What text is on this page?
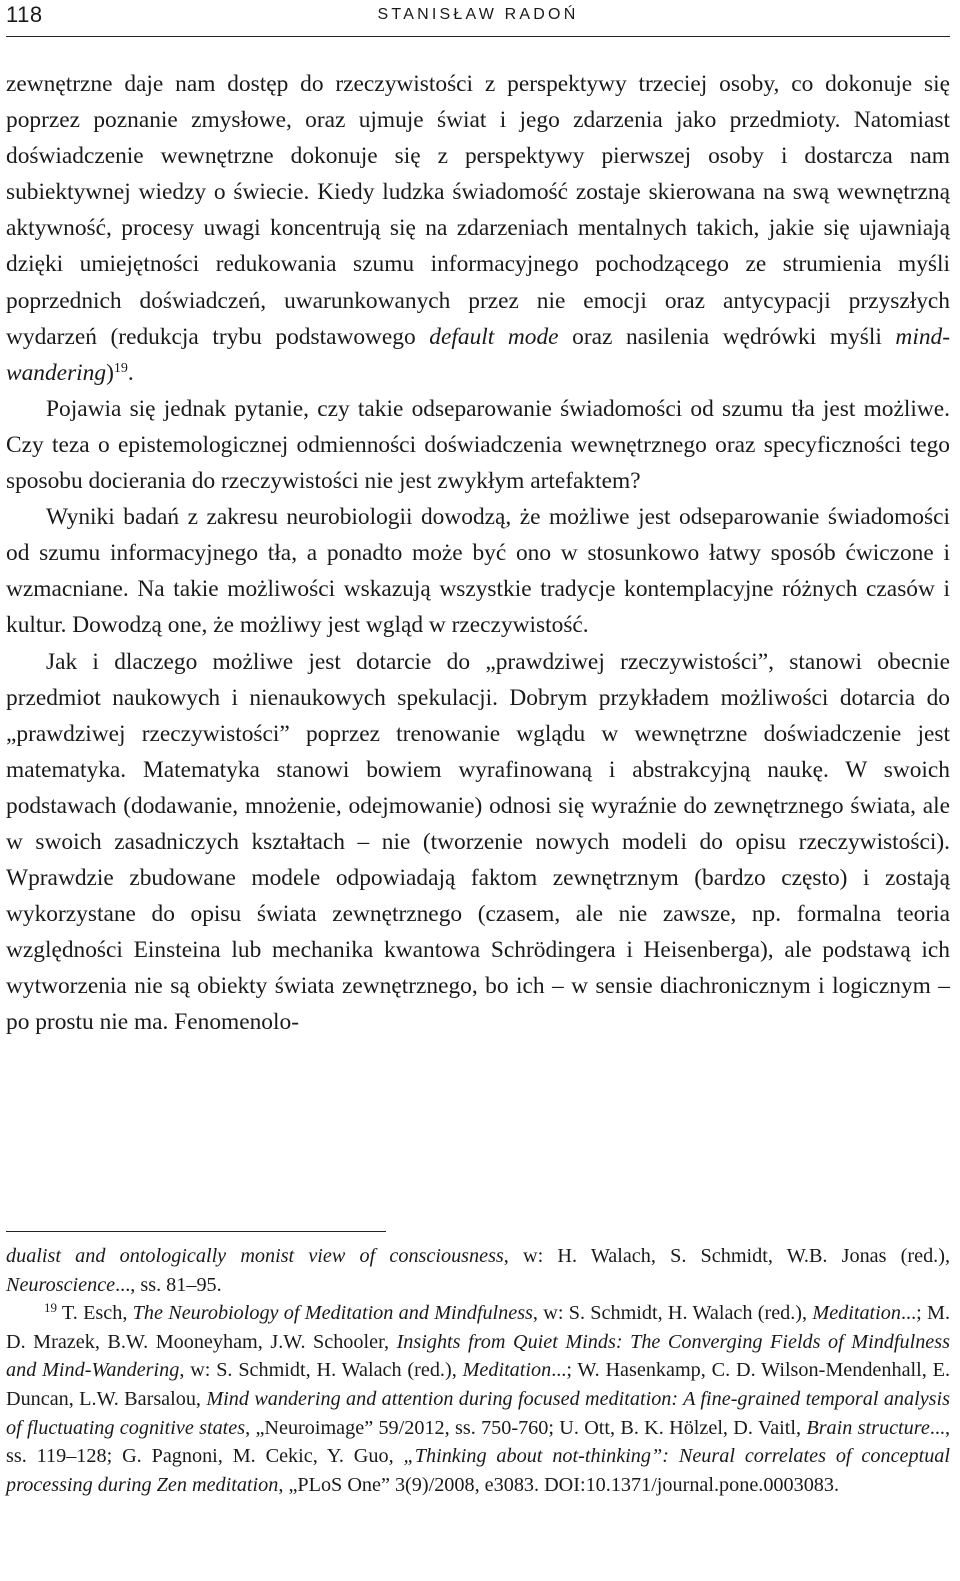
118	STANISŁAW RADOŃ

zewnętrzne daje nam dostęp do rzeczywistości z perspektywy trzeciej osoby, co dokonuje się poprzez poznanie zmysłowe, oraz ujmuje świat i jego zdarzenia jako przedmioty. Natomiast doświadczenie wewnętrzne dokonuje się z perspektywy pierwszej osoby i dostarcza nam subiektywnej wiedzy o świecie. Kiedy ludzka świadomość zostaje skierowana na swą wewnętrzną aktywność, procesy uwagi koncentrują się na zdarzeniach mentalnych takich, jakie się ujawniają dzięki umiejętności redukowania szumu informacyjnego pochodzącego ze strumienia myśli poprzednich doświadczeń, uwarunkowanych przez nie emocji oraz antycypacji przyszłych wydarzeń (redukcja trybu podstawowego default mode oraz nasilenia wędrówki myśli mind-wandering)$^{19}$.

Pojawia się jednak pytanie, czy takie odseparowanie świadomości od szumu tła jest możliwe. Czy teza o epistemologicznej odmienności doświadczenia wewnętrznego oraz specyficzności tego sposobu docierania do rzeczywistości nie jest zwykłym artefaktem?

Wyniki badań z zakresu neurobiologii dowodzą, że możliwe jest odseparowanie świadomości od szumu informacyjnego tła, a ponadto może być ono w stosunkowo łatwy sposób ćwiczone i wzmacniane. Na takie możliwości wskazują wszystkie tradycje kontemplacyjne różnych czasów i kultur. Dowodzą one, że możliwy jest wgląd w rzeczywistość.

Jak i dlaczego możliwe jest dotarcie do „prawdziwej rzeczywistości”, stanowi obecnie przedmiot naukowych i nienaukowych spekulacji. Dobrym przykładem możliwości dotarcia do „prawdziwej rzeczywistości” poprzez trenowanie wglądu w wewnętrzne doświadczenie jest matematyka. Matematyka stanowi bowiem wyrafinowaną i abstrakcyjną naukę. W swoich podstawach (dodawanie, mnożenie, odejmowanie) odnosi się wyraźnie do zewnętrznego świata, ale w swoich zasadniczych kształtach – nie (tworzenie nowych modeli do opisu rzeczywistości). Wprawdzie zbudowane modele odpowiadają faktom zewnętrznym (bardzo często) i zostają wykorzystane do opisu świata zewnętrznego (czasem, ale nie zawsze, np. formalna teoria względności Einsteina lub mechanika kwantowa Schrödingera i Heisenberga), ale podstawą ich wytworzenia nie są obiekty świata zewnętrznego, bo ich – w sensie diachronicznym i logicznym – po prostu nie ma. Fenomenolo-

dualist and ontologically monist view of consciousness, w: H. Walach, S. Schmidt, W.B. Jonas (red.), Neuroscience..., ss. 81–95.

$^{19}$ T. Esch, The Neurobiology of Meditation and Mindfulness, w: S. Schmidt, H. Walach (red.), Meditation...; M. D. Mrazek, B.W. Mooneyham, J.W. Schooler, Insights from Quiet Minds: The Converging Fields of Mindfulness and Mind-Wandering, w: S. Schmidt, H. Walach (red.), Meditation...; W. Hasenkamp, C. D. Wilson-Mendenhall, E. Duncan, L.W. Barsalou, Mind wandering and attention during focused meditation: A fine-grained temporal analysis of fluctuating cognitive states, „Neuroimage” 59/2012, ss. 750-760; U. Ott, B. K. Hölzel, D. Vaitl, Brain structure..., ss. 119–128; G. Pagnoni, M. Cekic, Y. Guo, „Thinking about not-thinking”: Neural correlates of conceptual processing during Zen meditation, „PLoS One” 3(9)/2008, e3083. DOI:10.1371/journal.pone.0003083.
